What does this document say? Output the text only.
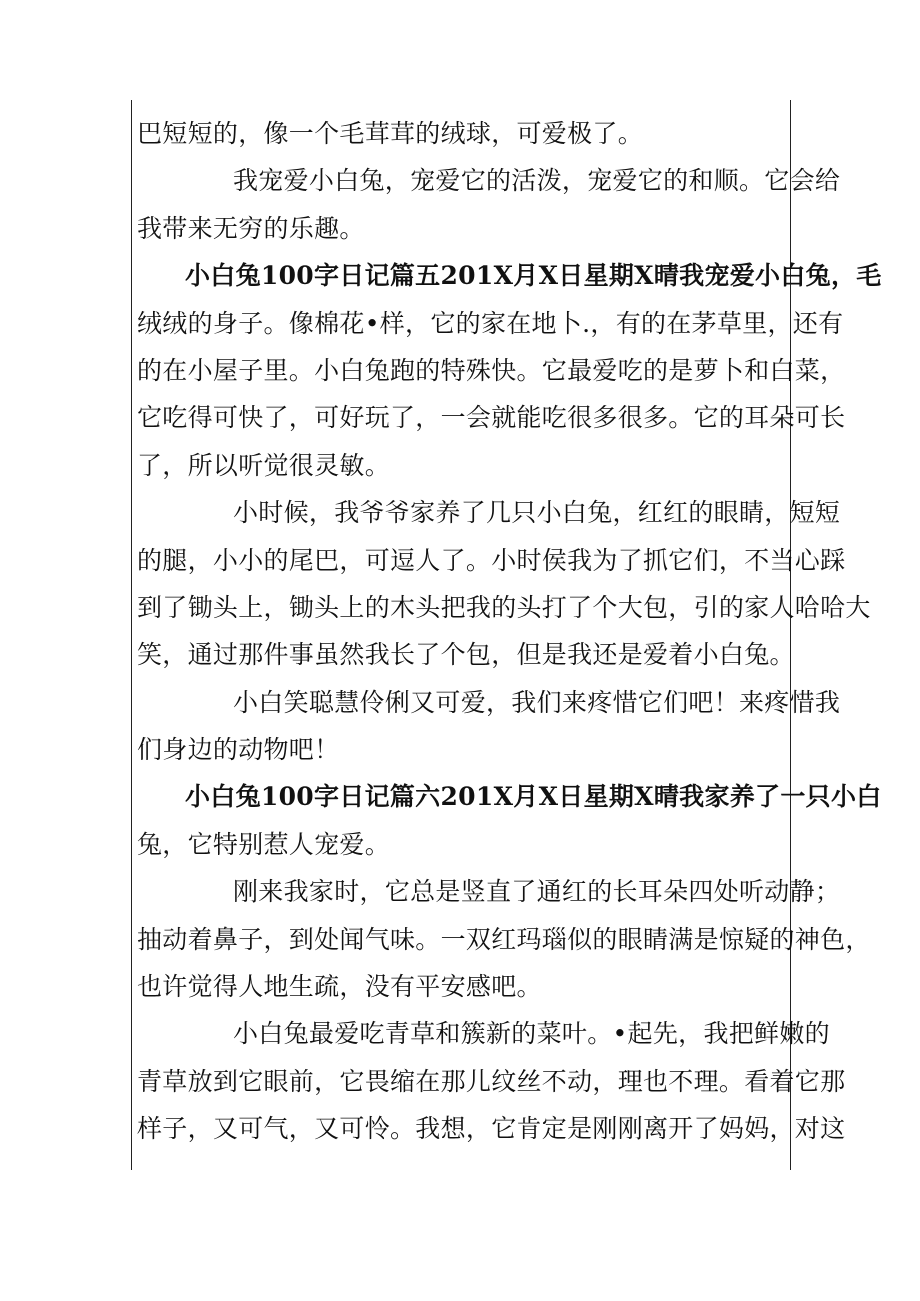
巴短短的，像一个毛茸茸的绒球，可爱极了。
我宠爱小白兔，宠爱它的活泼，宠爱它的和顺。它会给
我带来无穷的乐趣。
小白兔100字日记篇五201X月X日星期X晴我宠爱小白兔，毛
绒绒的身子。像棉花•样，它的家在地卜.，有的在茅草里，还有
的在小屋子里。小白兔跑的特殊快。它最爱吃的是萝卜和白菜，
它吃得可快了，可好玩了，一会就能吃很多很多。它的耳朵可长
了，所以听觉很灵敏。
小时候，我爷爷家养了几只小白兔，红红的眼睛，短短
的腿，小小的尾巴，可逗人了。小时侯我为了抓它们，不当心踩
到了锄头上，锄头上的木头把我的头打了个大包，引的家人哈哈大
笑，通过那件事虽然我长了个包，但是我还是爱着小白兔。
小白笑聪慧伶俐又可爱，我们来疼惜它们吧！来疼惜我
们身边的动物吧！
小白兔100字日记篇六201X月X日星期X晴我家养了一只小白
兔，它特别惹人宠爱。
刚来我家时，它总是竖直了通红的长耳朵四处听动静；
抽动着鼻子，到处闻气味。一双红玛瑙似的眼睛满是惊疑的神色，
也许觉得人地生疏，没有平安感吧。
小白兔最爱吃青草和簇新的菜叶。•起先，我把鲜嫩的
青草放到它眼前，它畏缩在那儿纹丝不动，理也不理。看着它那
样子，又可气，又可怜。我想，它肯定是刚刚离开了妈妈，对这
